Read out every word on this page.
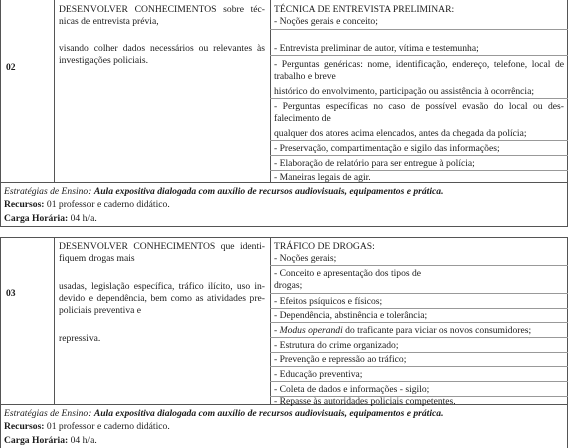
02
DESENVOLVER CONHECIMENTOS sobre téc-
nicas de entrevista prévia,
visando colher dados necessários ou relevantes às
investigações policiais.
TÉCNICA DE ENTREVISTA PRELIMINAR:
- Noções gerais e conceito;
- Entrevista preliminar de autor, vítima e testemunha;
- Perguntas genéricas: nome, identificação, endereço, telefone, local de
trabalho e breve
histórico do envolvimento, participação ou assistência à ocorrência;
- Perguntas específicas no caso de possível evasão do local ou des-
falecimento de
qualquer dos atores acima elencados, antes da chegada da polícia;
- Preservação, compartimentação e sigilo das informações;
- Elaboração de relatório para ser entregue à polícia;
- Maneiras legais de agir.
Estratégias de Ensino: Aula expositiva dialogada com auxílio de recursos audiovisuais, equipamentos e prática.
Recursos: 01 professor e caderno didático.
Carga Horária: 04 h/a.
03
DESENVOLVER CONHECIMENTOS que identi-
fiquem drogas mais
usadas, legislação específica, tráfico ilícito, uso in-
devido e dependência, bem como as atividades pre-
policiais preventiva e
repressiva.
TRÁFICO DE DROGAS:
- Noções gerais;
- Conceito e apresentação dos tipos de
drogas;
- Efeitos psíquicos e físicos;
- Dependência, abstinência e tolerância;
- Modus operandi do traficante para viciar os novos consumidores;
- Estrutura do crime organizado;
- Prevenção e repressão ao tráfico;
- Educação preventiva;
- Coleta de dados e informações - sigilo;
- Repasse às autoridades policiais competentes.
Estratégias de Ensino: Aula expositiva dialogada com auxílio de recursos audiovisuais, equipamentos e prática.
Recursos: 01 professor e caderno didático.
Carga Horária: 04 h/a.
